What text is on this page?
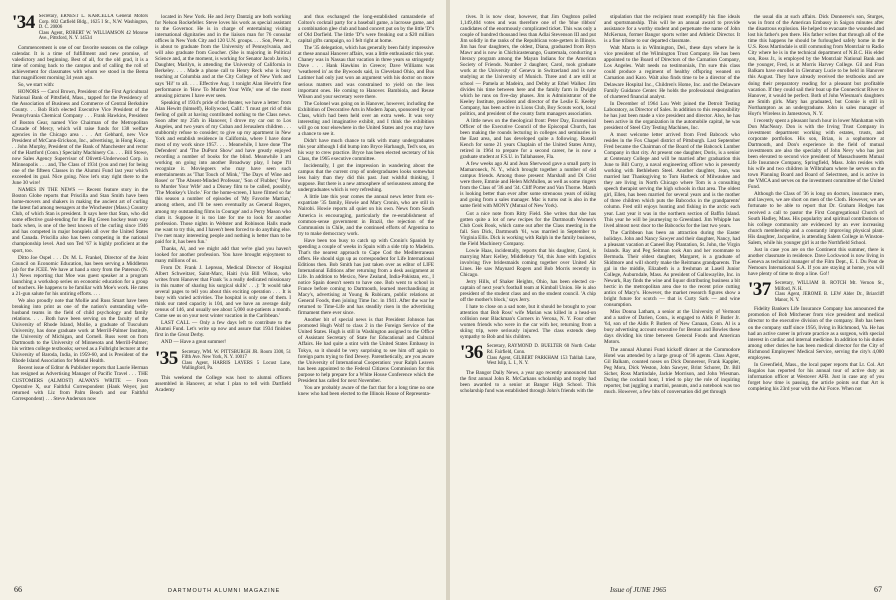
'34 Secretary, ERNEST L. KARCELLA General Motors Corp. 802 Catfield Bldg., 1625 I St., N.W. Washington, D. C. 20006
Class Agent, ROBERT W. WILLIAMSON 42 Monroe Ave., Pittsford, N. Y. 14534

Commencement is one of our favorite seasons on the college calendar. It is a time of fulfillment and new promise, of valedictory and beginning. Best of all, for the old grad, it is a time of coming back to the campus and of calling the roll of achievement for classmates with whom we stood in the Bema that magnificent morning 34 years ago.

So, we start with:

HONORS — Carol Brown, President of the First Agricultural National Bank of Pittsfield, Mass., tapped for the Presidency of the Association of Business and Commerce of Central Berkshire County. . . Bob Rich elected Executive Vice President of the Pennsylvania Chemical Company . . . Frank Hawkins, President of Boston Gear, named Vice Chairman of the Metropolitan Crusade of Mercy, which will raise funds for 138 welfare agencies in the Chicago area . . . Art Gebhard, new Vice President of McCann-Erickson, Inc., advertising, in Hong Kong . . . John Murphy, President of the Bank of Manchester and rector of the Hartford (Conn.) Specialty Machinery Co. . . . Bill Stowe, now Sales Agency Supervisor of Olivetti-Underwood Corp. in Minneapolis . . . and, The Class of 1934 (you and me) for being one of the fifteen Classes in the Alumni Fund last year which exceeded its goal. Nice going. Now let's stay right there to the June 30 wire!

NAMES IN THE NEWS — Recent feature story in the Boston Globe reports that Priscilla and Stan Smith have been home-movers and shakers in making the ancient art of curling the latest fad among teenagers at the Winchester (Mass.) Country Club, of which Stan is president. It says here that Stan, who did some effective goal-tending for the Big Green hockey team way back when, is one of the best known of the curling since 1946 and has competed in major bonspiels all over the United States and Canada. Priscilla also has been competing in the national championship level. And son Ted '67 is highly proficient at the sport, too.

Ditto Joe Ospel . . . Dr. M. L. Frankel, Director of the Joint Council on Economic Education, has been serving a Middleton job for the JCEE. We have at hand a story from the Paterson (N. J.) News reporting that Moe was guest speaker at a program launching a workshop series on economic education for a group of teachers. He happens to be familiar with Moe's work. He rates a 21-gun salute for his untiring efforts. . . .

We also proudly note that Mollie and Russ Smart have been breaking into print as one of the nation's outstanding wife-husband teams in the field of child psychology and family relations. . . . Both have been serving on the faculty of the University of Rhode Island, Mollie, a graduate of Tusculum University, has done graduate work at Merrill-Palmer Institute, the University of Michigan, and Cornell. Russ went on from Dartmouth to the University of Minnesota and Merrill-Palmer; his written college textbooks; served as a Fulbright lecturer at the University of Baroda, India, in 1959-60, and is President of the Rhode Island Association for Mental Health.

Recent issue of Editor & Publisher reports that Laurie Herman has resigned as Advertising Manager of Pacific Travel . . . THE CUSTOMERS (ALMOST) ALWAYS WRITE — From Operative X, our Faithful Correspondent (Hank Weyer, just returned with Liz from Palm Beach and our Faithful Correspondent) . . . Steve Anderson now

located in New York. He and Jerry Dantzig are both working for Nelson Rockefeller. Steve loves his work as special assistant to the Governor. He is in charge of entertaining visiting international dignitaries and in the liaison man for 76 consular offices in New York City and 120 U.N. groups. . . . Son, Peter Jr., is about to graduate from the University of Pennsylvania, and will also graduate from Goucher. (She is majoring in Political Science and, at the moment, is working for Senator Jacob Javits.) Daughter, Marilyn, is attending the University of California in Berkeley. . . . Made a phone call to Henry Reck who is busy teaching at Columbia and at the City College of New York and says 'Hi!' to all. . . . Effective Aug. 1 tonight Alan Hewitt's fine performance in 'How To Murder Your Wife,' one of the most amusing pictures I have ever seen.

Speaking of 1934's pride of the theater, we have a letter: from Alan Hewitt (himself), Hollywood, Calif.: 'I must get rid of this feeling of guilt at having contributed nothing to the Class news. Soon after my 25th in Hanover, I drove my car out to Los Angeles, and two years of my Cuban and Jerusalem children . . . stubbornly refuse to consider; to give up my apartment in New York and establish residence in California, where I have done most of my work since 1957. . . . Meanwhile, I have done 'The Defenders' and 'The DuPont Show' and have greatly enjoyed recording a number of books for the blind. Meanwhile I am working on going into another Broadway play, I hope I'll recognize it. Moviegoers who may have seen such entertainments as 'That Touch of Mink,' 'The Days of Wine and Roses' or 'The Absent-Minded Professor,' 'Son of Flubber,' 'How to Murder Your Wife' and a Disney film to be called, possibly, 'The Monkey's Uncle.' For the home-screen, I have filmed so far this season a number of episodes of 'My Favorite Martian,' among others, and I'll be seen eventually as General Rogers, among my outstanding films in Courage' and a Perry Mason who clam it. Suppose it is too late for me to look for another profession. Those nights in Webster and Robinson Halls made me want to try this, and I haven't been forced to do anything else. I've met many interesting people and nothing is better than to be paid for it, has been fun.'

Thanks, Al, and we might add that we're glad you haven't looked for another profession. You have brought enjoyment to many millions of us.

From Dr. Frank J. Lepreau, Medical Director of Hospital Albert Schweitzer, Saint-Marc, Haiti (via Bill Wilson, who writes from Hanover that Frank 'is a really dedicated missionary in this matter of sharing his surgical skills' . . .): 'It would take several pages to tell you about this exciting operation . . . It is busy with varied activities. The hospital is only one of them. I think our rated capacity is 104, and we have an average daily census of 146, and usually see about 5,000 out-patients a month. Come see us on your next winter vacation in the Caribbean.'

LAST CALL — Only a few days left to contribute to the Alumni Fund. Let's write up now and assure that 1934 finishes first in the Great Derby.

AND — Have a great summer!

'35 Secretary, WM. W. PITTSBURGH JR. Room 3300, 51 Fifth Ave. New York, N. Y. 10017
Class Agent, HARRIS LAYERS 5 Locust Lane, Wallingford, Pa.

This weekend the College was host to alumni officers assembled in Hanover, at what I plan to tell with Dartfield Academy

and thus exchanged the long-established camaraderie of Colton's cocktail party for a baseball game, a lacrosse game, and a combination glee club and band concert put on by the little 'D''s of Old Dorfield. The little 'D''s were freaking out a $20 million capital gifts campaign, so I felt right at home.

The '35 delegation, which has generally been fairly impressive at these annual Hanover affairs, was a little enthusiastic this year. Chaney was in Nassau that vacation in three years so stringently Dave . . . Hank Hawkins in Greece; Dave Williams was 'weathered in' as the Bywoods said, in Cleveland Ohio, and Bus Latimer had only just won an argument with his doctor on more serious matters and was constrained to yield on the less important ones. He coming to Hanover. Bambiola, and Reuse Wilson and your secretary were there.

The Colonel was going on in Hanover, however, including the Exhibition of Decorative Arts in Modern Japan, sponsored by our Class, which had been held over an extra week. It was very interesting and imaginative exhibit, and I think the exhibition will go on tour elsewhere in the United States and you may have a chance to see it.

Didn't have much chance to talk with many undergraduates this year although I did bump into Bryce Harbaugh, Ted's son, on his way to crew practice. Bryce has been elected secretary of his Class, the 1965 executive committee.

Incidentally, I got the impression in wandering about the campus that the current crop of undergraduates looks somewhat less hairy than they did this past. Just wishful thinking, I suppose. But there is a new atmosphere of seriousness among the undergraduates which is very refreshing.

A little late this year comes the annual news letter from ex-expatriate '35 family, Howie and Mary Cronin, who are still in Nairobi. Howie reports all quiet on his own. News from South America is encouraging, particularly the re-establishment of common-sense government in Brazil, the rejection of the Communists in Chile, and the continued efforts of Argentina to try to make democracy work.

Have been too busy to catch up with Cronin's Spanish by spending a couple of weeks in Spain with a side trip to Madeira. That's the nearest approach to Cape Cod the Mediterranean offers. He should sign up as correspondent for Life International Editions then. Bob Smith has just taken over as editor of LIFE International Editions after returning from a desk assignment at Life. In addition to Mexico, New Zealand, India-Pakistan, etc., I notice Spain doesn't seem to have one. Bob went to school in France before coming to Dartmouth, learned merchandising at Macy's, advertising at Young & Rubicam, public relations at General Foods, then joining Time Inc. in 1941. After the war he returned to Time-Life and has steadily risen in the advertising firmament there ever since.

Another bit of special news is that President Johnson has promoted Hugh Wolf to class 2 in the Foreign Service of the United States. Hugh is still in Washington assigned to the Office of Assistant Secretary of State for Educational and Cultural Affairs. He had quite a stint with the United States Embassy in Tokyo, so it should be very surprising to see him off again to foreign parts trying to find Dewey. Parenthetically, are you aware the University of International Cooperation: your Ralph Leaven has been appointed to the Federal Citizens Commission for this purpose to help prepare for a White House Conference which the President has called for next November.

You are probably aware of the fact that for a long time no one knew who had been elected to the Illinois House of Representa-

66	DARTMOUTH ALUMNI MAGAZINE

tives. It is now clear, however, that Jim Oughton polled 1,149,404 votes and was therefore one of the 'blue ribbon' candidates of the enormously complicated ticket. This was only a couple of hundred thousand less than Adlai Stevenson III and put Jim solidly in the ranks of the Republican vote-getters in Illinois. Jim has four daughters, the oldest, Diana, graduated from Bryn Mawr and is now in Chichicastenango, Guatemala, conducting a literacy program among the Mayan Indians for the American Society of Friends. Number 2 daughter, Carol, took graduate work at the University of Geneva in Switzerland and is now studying at the University of Munich. Three and 4 are still at school — Pamela at Madeira, and Debby at Ethel Walker. Jim divides his time between here and the family farm in Dwight which he runs on five-day phases. Jim is Administrator of the Keeley Institute, president and director of the Leslie E. Keeley Company, has been active in Lions Club, Boy Scouts work, local politics, and president of the county farm managers association.

A little news on the theological front: Peter Day, Ecumenical Officer of the Executive Council of the Episcopal Church, has been making the rounds lecturing in colleges and seminaries in the East area, and has developed quite a following. Russell Kench for some 21 years Chaplain of the United States Army, retired in 1964 to prepare for a second career, he is now a graduate student at F.S.U. in Tallahassee, Fla.

A few weeks ago Al and Jean Sherwood gave a small party in Mamaroneck, N. Y., which brought together a number of old campus friends. Among those present: Marshall and Di Crist were there, Emmie and Helen McMullen, as well as some ringers from the Class of '36 and '34. Cliff Porter and Van Thorne. Marsh is looking better than ever after some strenuous years of skiing and going from a sales manager. Mac is turns out is also in the same field with MONY (Mutual of New York).

Got a nice note from Ritty Field. She writes that she has gotten quite a lot of new recipes for the Dartmouth Women's Club Cook Book, which came out after the Class meeting in the fall. Son Dick, Dartmouth '61, was married in September to Virginia Ellis. Dick is working with Ralph in the family business, the Field Machinery Company.

Lowie Haas, incidentally, reports that his daughter, Carol, is marrying Marc Kelley, Middlebury '64, this June with logistics involving five bridesmaids coming together over United Air Lines. He saw Maynard Rogers and Bob Morris recently in Chicago.

Jerry Hills, of Shaker Heights, Ohio, has been elected co-captain of next year's football team at Kimball Union. He is also president of the student class and on the student council. 'A chip off the mother's block,' says Jerry.

I hate to close on a sad note, but it should be brought to your attention that Bob Ross' wife Marian was killed in a head-on collision near Blackman's Corners in Verona, N. Y. Four other women friends who were in the car with her, returning from a skiing trip, were seriously injured. The class extends deep sympathy to Bob and his children.

'36 Secretary, RAYMOND D. BUELTER 60 North Cedar Rd. Fairfield, Conn.
Class Agent, GILBERT PARKHAM 153 Tahllah Lane, West Islip, L. I., N. Y.

The Bangor Daily News, a year ago recently announced that the first annual John R. McCarkans scholarship and trophy had been awarded to a senior at Bangor High School. This scholarship fund was established through John's friends with the

stipulation that the recipient must exemplify his fine ideals and sportsmanship. This will be an annual award to provide assistance for a worthy student and perpetuate the name of John McKernan, former Bangor sports writer and Athletic Director. It is a fine tribute to our departed classmate.

Walt Marra is in Wilmington, Del., these days where he is vice president of the Wilmington Trust Company. He has been appointed to the Board of Directors of the Carnation Company, Los Angeles. Walt needs no testimonials, I'm sure this class could produce a regiment of healthy offspring weaned on Carnation and Karo. Walt also finds time to be a director of the Delaware Hospital Inc., Children's Home, Inc. and the Delaware Family Guidance Center. He holds the professional designation of chartered financial analyst.

In December of 1964 Lou Welt joined the Detroit Testing Laboratory, as Director of Sales. In addition to this responsibility he has just been made a vice president and director. Also, he has been active in the organization in the automobile capital, he was president of Steel City Testing Machines, Inc.

A most welcome letter arrived from Fred Babcock who resides in the Fox Chapel district of Pittsburgh. Last September Fred became the Chairman of the Board of the Babcock Lumber Company in that city. At present one daughter, Doris, is a senior at Centenary College and will be married after graduation this June to Bill Curry, a naval engineering officer who is presently working with Bethlehem Steel. Another daughter, Jean, was married last Thanksgiving to Tom Harbeck of Milwaukee and they are living in North Chicago where Tom is a consulting speech therapist serving the high schools in that area. The oldest girl, Ellen, has been married for several years and is the mother of three children which puts the Babcocks in the grandparents' column. Fred still enjoys hunting and fishing in the arctic each year. Last year it was in the northern section of Baffin Island. This year he will be journeying to Greenland. Jim Whipple has lived almost next door to the Babcocks for the last two years.

The Caribbean has been an attraction during the Easter holidays. John and Nancy Sawyer and their daughter, Nancy, had a pleasant vacation at Caneel Bay Plantation, St. John, the Virgin Islands. Ray and Peg Seitman took Ann and her roommate to Bermuda. Their oldest daughter, Margaret, is a graduate of Skidmore and will shortly make the Reitmans grandparents. The gal in the middle, Elizabeth is a freshman at Lasell Junior College, Auburndale, Mass. As president of Gallowaylite, Inc. in Newark, Ray finds the wine and liquor distributing business a bit hectic in the metropolitan area due to the recent price cutting antics of Macy's. However, the market research figures show a bright future for scotch — that is Curty Sark — and wine consumption.

Miss Donna Latham, a senior at the University of Vermont and a native of Darien, Conn., is engaged to Aldis P. Butler Jr. '64, son of the Aldis P. Butlers of New Canaan, Conn. Al is a busy advertising account executive for Benton and Bowles these days dividing his time between General Foods and American Motors.

The annual Alumni Fund kickoff dinner at the Commodore Hotel was attended by a large group of '36 agents. Class Agent, Gil Balkam, counted noses on Dick Donnereor, Frank Kappler, Peg Mora, Dick Weston, John Sawyer, Brint Schorer, Dr. Bill Sicher, Ross Martindale, Jackie Morrison, and John Wiesman. During the cocktail hour, I tried to play the role of inquiring reporter, but juggling a martini, peanuts, and a notebook was too much. However, a few bits of conversation did get through

the usual din at such affairs. Dick Donnereo's son, Sturges, was in front of the American Embassy in Saigon minutes after the disastrous explosion. He helped to evacuate the wounded and lost his father's pen there. His father writes that through all of the time this happens he should be furloughed safely home in the U.S. Ross Martindale is still commuting from Montclair to Radio City where he is in the technical department of N.B.C. His elder son, Ross Jr., is employed by the Montclair National Bank and the younger, Fred, is at Morris Harvey College. Gil and Fran Balkam have enrolled in Glenmary Lucie to be held in Hanover this August. They have already received the textbooks and are doing their preparatory reading for a pleasant but profitable vacation. If they could sail their boat up the Connecticut River to Hanover, it would be perfect. Both of John Wiesman's daughters are Smith girls. Mary has graduated, but Connie is still in Northampton as an undergraduate. John is sales manager of Hoyt's Wireless in Jamestown, N. Y.

I recently spent a pleasant lunch hour in lower Manhattan with Don MacNeary. Don is with the Irving Trust Company in investment department working with estates, trusts, and corporate portfolios. His son, Brian, is a sophomore at Dartmouth, and Don's experience in the field of mutual investments are also the specialty of John Nevy who has just been elevated to second vice president of Massachusetts Mutual Life Insurance Company, Springfield, Mass. John resides with his wife and two children in Wilbraham where he serves on the town Planning Board and Board of Selectmen, and is active in the YMCA and serves on the investment committee of the United Fund.

Although the Class of '36 is long on doctors, insurance men, and lawyers, we are short on men of the Cloth. However, we are fortunate to be able to report that Dr. Graham Hodges has received a call to pastor the First Congregational Church of South Hadley, Mass. His popularity and spiritual contributions to his college community are evidenced by an ever increasing church membership and a constantly improving physical plant. His daughter, Jacqueline, is attending Salem College in Winston-Salem, while his younger girl is at the Northfield School.

Just in case you are on the Continent this summer, there is another classmate in residence. Dave Lockwood is now living in Geneva as technical manager of the Film Dept., E. I. Du Pont de Nemours International S.A. If you are staying at home, you will have plenty of time to drop a line. Go!!

'37 Secretary, WILLIAM B. ROTCH Mt. Vernon St., Milford, N. H.
Class Agent, JEROME B. LEW Alder Dr., Briarcliff Manor, N. Y.

Fidelity Bankers Life Insurance Company has announced the promotion of Bob Mitchener from vice president and medical director to the executive division of the company. Bob has been on the company staff since 1956, living in Richmond, Va. He has had an active career in private practice as a surgeon, with special interest in cardiac and internal medicine. In addition to his duties among other duties he has been medical director for the City of Richmond Employees' Medical Service, serving the city's 4,000 employees.

In Greenfield, Mass., the local paper reports that Lt. Col. Art Rogalos has reported for his annual tour of active duty as information officer at Westover AFB. Just in case any of you forget how time is passing, the article points out that Art is completing his 23rd year with the Air Force. When not

Issue of JUNE 1965	67
